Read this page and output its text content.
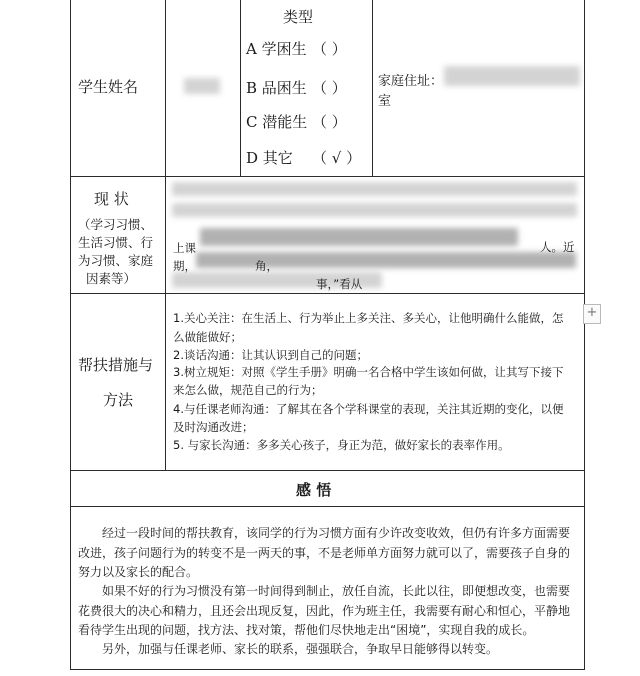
学生姓名
类型
A 学困生 （ ）
B 品困生 （ ）
C 潜能生 （ ）
D 其它 （ √ ）
家庭住址：
室
现 状
（学习习惯、
生活习惯、行
为习惯、家庭
因素等）
上课	人。近
期，	角，
事，”看从
帮扶措施与
方法
1.关心关注：在生活上、行为举止上多关注、多关心，让他明确什么能做，怎
么做能做好；
2.谈话沟通：让其认识到自己的问题；
3.树立规矩：对照《学生手册》明确一名合格中学生该如何做，让其写下接下
来怎么做，规范自己的行为；
4.与任课老师沟通：了解其在各个学科课堂的表现，关注其近期的变化，以便
及时沟通改进；
5. 与家长沟通：多多关心孩子，身正为范，做好家长的表率作用。
感 悟
经过一段时间的帮扶教育，该同学的行为习惯方面有少许改变收效，但仍有许多方面需要改进，孩子问题行为的转变不是一两天的事，不是老师单方面努力就可以了，需要孩子自身的努力以及家长的配合。
如果不好的行为习惯没有第一时间得到制止，放任自流，长此以往，即便想改变，也需要花费很大的决心和精力，且还会出现反复，因此，作为班主任，我需要有耐心和恒心，平静地看待学生出现的问题，找方法、找对策，帮他们尽快地走出“困境”，实现自我的成长。
另外，加强与任课老师、家长的联系，强强联合，争取早日能够得以转变。
+
